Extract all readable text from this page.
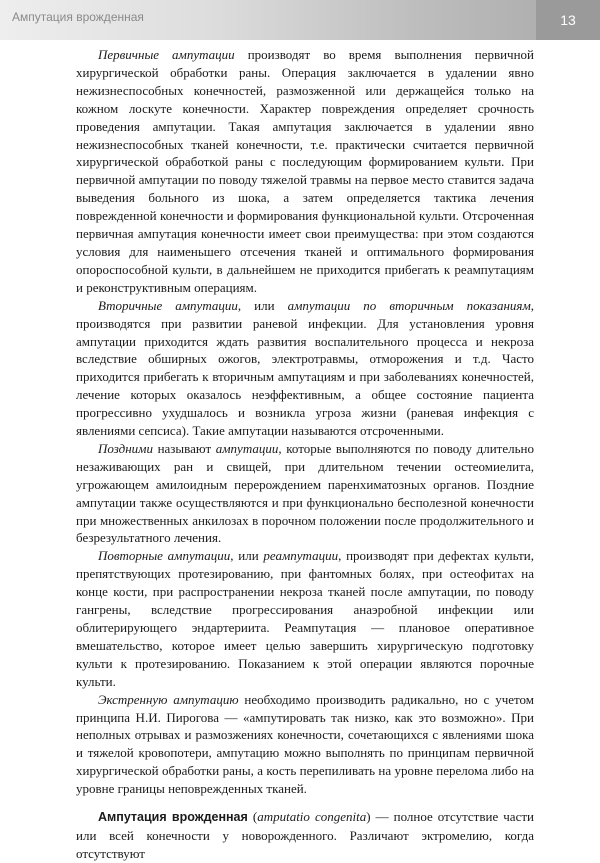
Ампутация врожденная	13

Первичные ампутации производят во время выполнения первичной хирургической обработки раны. Операция заключается в удалении явно нежизнеспособных конечностей, размозженной или держащейся только на кожном лоскуте конечности. Характер повреждения определяет срочность проведения ампутации. Такая ампутация заключается в удалении явно нежизнеспособных тканей конечности, т.е. практически считается первичной хирургической обработкой раны с последующим формированием культи. При первичной ампутации по поводу тяжелой травмы на первое место ставится задача выведения больного из шока, а затем определяется тактика лечения поврежденной конечности и формирования функциональной культи. Отсроченная первичная ампутация конечности имеет свои преимущества: при этом создаются условия для наименьшего отсечения тканей и оптимального формирования опороспособной культи, в дальнейшем не приходится прибегать к реампутациям и реконструктивным операциям.

Вторичные ампутации, или ампутации по вторичным показаниям, производятся при развитии раневой инфекции. Для установления уровня ампутации приходится ждать развития воспалительного процесса и некроза вследствие обширных ожогов, электротравмы, отморожения и т.д. Часто приходится прибегать к вторичным ампутациям и при заболеваниях конечностей, лечение которых оказалось неэффективным, а общее состояние пациента прогрессивно ухудшалось и возникла угроза жизни (раневая инфекция с явлениями сепсиса). Такие ампутации называются отсроченными.

Поздними называют ампутации, которые выполняются по поводу длительно незаживающих ран и свищей, при длительном течении остеомиелита, угрожающем амилоидным перерождением паренхиматозных органов. Поздние ампутации также осуществляются и при функционально бесполезной конечности при множественных анкилозах в порочном положении после продолжительного и безрезультатного лечения.

Повторные ампутации, или реампутации, производят при дефектах культи, препятствующих протезированию, при фантомных болях, при остеофитах на конце кости, при распространении некроза тканей после ампутации, по поводу гангрены, вследствие прогрессирования анаэробной инфекции или облитерирующего эндартериита. Реампутация — плановое оперативное вмешательство, которое имеет целью завершить хирургическую подготовку культи к протезированию. Показанием к этой операции являются порочные культи.

Экстренную ампутацию необходимо производить радикально, но с учетом принципа Н.И. Пирогова — «ампутировать так низко, как это возможно». При неполных отрывах и размозжениях конечности, сочетающихся с явлениями шока и тяжелой кровопотери, ампутацию можно выполнять по принципам первичной хирургической обработки раны, а кость перепиливать на уровне перелома либо на уровне границы неповрежденных тканей.

Ампутация врожденная (amputatio congenita) — полное отсутствие части или всей конечности у новорожденного. Различают эктромелию, когда отсутствуют
